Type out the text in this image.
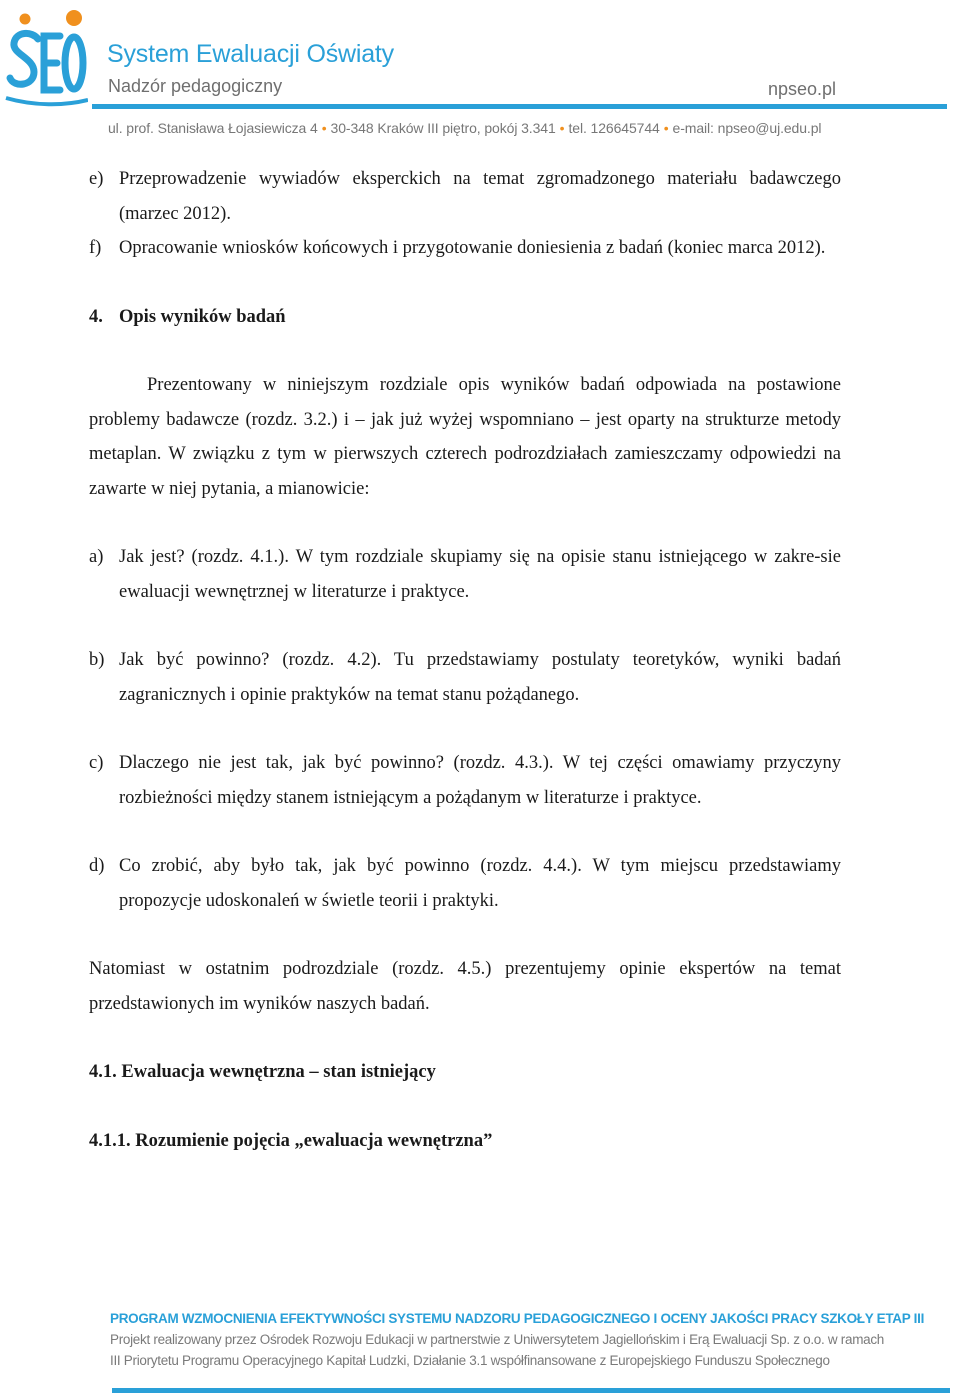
System Ewaluacji Oświaty
Nadzór pedagogiczny	npseo.pl
ul. prof. Stanisława Łojasiewicza 4 • 30-348 Kraków III piętro, pokój 3.341 • tel. 126645744 • e-mail: npseo@uj.edu.pl
e) Przeprowadzenie wywiadów eksperckich na temat zgromadzonego materiału badawczego (marzec 2012).
f) Opracowanie wniosków końcowych i przygotowanie doniesienia z badań (koniec marca 2012).
4. Opis wyników badań

Prezentowany w niniejszym rozdziale opis wyników badań odpowiada na postawione problemy badawcze (rozdz. 3.2.) i – jak już wyżej wspomniano – jest oparty na strukturze metody metaplan. W związku z tym w pierwszych czterech podrozdziałach zamieszczamy odpowiedzi na zawarte w niej pytania, a mianowicie:

a) Jak jest? (rozdz. 4.1.). W tym rozdziale skupiamy się na opisie stanu istniejącego w zakre-sie ewaluacji wewnętrznej w literaturze i praktyce.
b) Jak być powinno? (rozdz. 4.2). Tu przedstawiamy postulaty teoretyków, wyniki badań zagranicznych i opinie praktyków na temat stanu pożądanego.
c) Dlaczego nie jest tak, jak być powinno? (rozdz. 4.3.). W tej części omawiamy przyczyny rozbieżności między stanem istniejącym a pożądanym w literaturze i praktyce.
d) Co zrobić, aby było tak, jak być powinno (rozdz. 4.4.). W tym miejscu przedstawiamy propozycje udoskonaleń w świetle teorii i praktyki.

Natomiast w ostatnim podrozdziale (rozdz. 4.5.) prezentujemy opinie ekspertów na temat przedstawionych im wyników naszych badań.

4.1. Ewaluacja wewnętrzna – stan istniejący
4.1.1. Rozumienie pojęcia „ewaluacja wewnętrzna”
PROGRAM WZMOCNIENIA EFEKTYWNOŚCI SYSTEMU NADZORU PEDAGOGICZNEGO I OCENY JAKOŚCI PRACY SZKOŁY ETAP III
Projekt realizowany przez Ośrodek Rozwoju Edukacji w partnerstwie z Uniwersytetem Jagiellońskim i Erą Ewaluacji Sp. z o.o. w ramach
III Priorytetu Programu Operacyjnego Kapitał Ludzki, Działanie 3.1 współfinansowane z Europejskiego Funduszu Społecznego
